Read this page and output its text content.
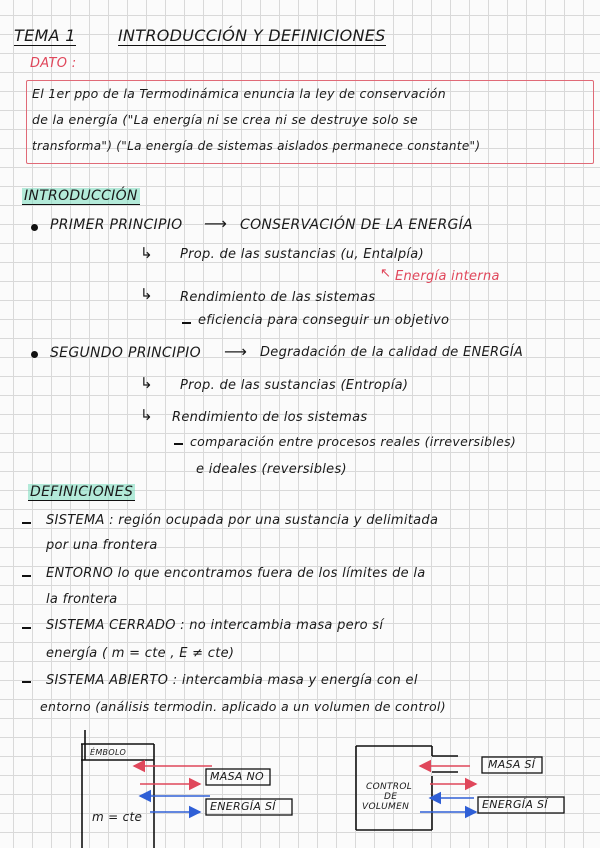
TEMA 1	INTRODUCCIÓN Y DEFINICIONES
DATO :
El 1er ppo de la Termodinámica enuncia la ley de conservación
de la energía ("La energía ni se crea ni se destruye solo se
transforma") ("La energía de sistemas aislados permanece constante")
INTRODUCCIÓN
PRIMER PRINCIPIO ⟶ CONSERVACIÓN DE LA ENERGÍA
↳ Prop. de las sustancias (u, Entalpía)
↖ Energía interna
↳ Rendimiento de las sistemas
eficiencia para conseguir un objetivo
SEGUNDO PRINCIPIO ⟶ Degradación de la calidad de ENERGÍA
↳ Prop. de las sustancias (Entropía)
↳ Rendimiento de los sistemas
comparación entre procesos reales (irreversibles)
e ideales (reversibles)
DEFINICIONES
SISTEMA : región ocupada por una sustancia y delimitada
por una frontera
ENTORNO lo que encontramos fuera de los límites de la
la frontera
SISTEMA CERRADO : no intercambia masa pero sí
energía ( m = cte , E ≠ cte)
SISTEMA ABIERTO : intercambia masa y energía con el
entorno (análisis termodin. aplicado a un volumen de control)
émbolo
MASA NO
ENERGÍA SÍ
m = cte
CONTROL
DE
VOLUMEN
MASA SÍ
ENERGÍA SÍ
